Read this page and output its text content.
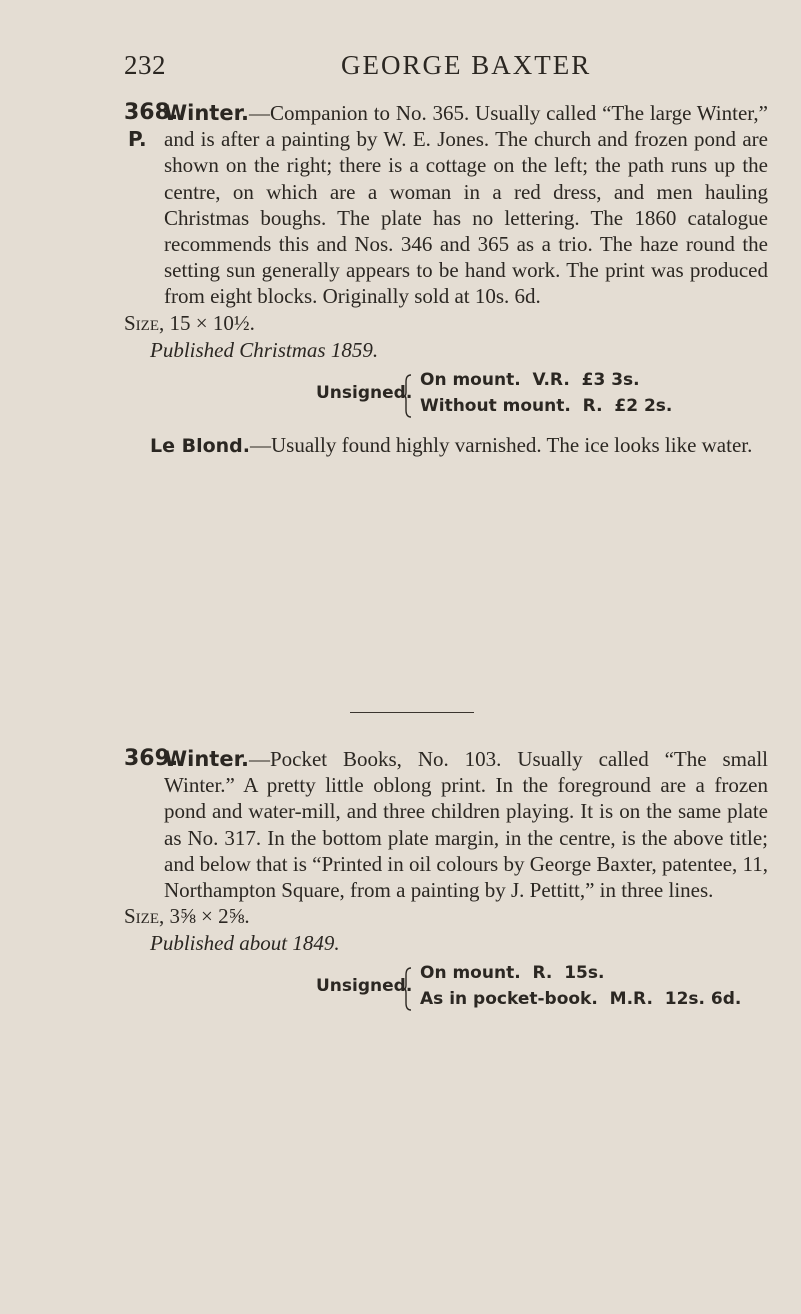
232	GEORGE BAXTER
368.
P.

Winter.—Companion to No. 365. Usually called “The large Winter,” and is after a painting by W. E. Jones. The church and frozen pond are shown on the right; there is a cottage on the left; the path runs up the centre, on which are a woman in a red dress, and men hauling Christmas boughs. The plate has no lettering. The 1860 catalogue recommends this and Nos. 346 and 365 as a trio. The haze round the setting sun generally appears to be hand work. The print was produced from eight blocks. Originally sold at 10s. 6d.

Size, 15 × 10½.

Published Christmas 1859.

Unsigned.
On mount. V.R. £3 3s.
Without mount. R. £2 2s.

Le Blond.—Usually found highly varnished. The ice looks like water.

369.

Winter.—Pocket Books, No. 103. Usually called “The small Winter.” A pretty little oblong print. In the foreground are a frozen pond and water-mill, and three children playing. It is on the same plate as No. 317. In the bottom plate margin, in the centre, is the above title; and below that is “Printed in oil colours by George Baxter, patentee, 11, Northampton Square, from a painting by J. Pettitt,” in three lines.

Size, 3⅝ × 2⅝.

Published about 1849.

Unsigned.
On mount. R. 15s.
As in pocket-book. M.R. 12s. 6d.
